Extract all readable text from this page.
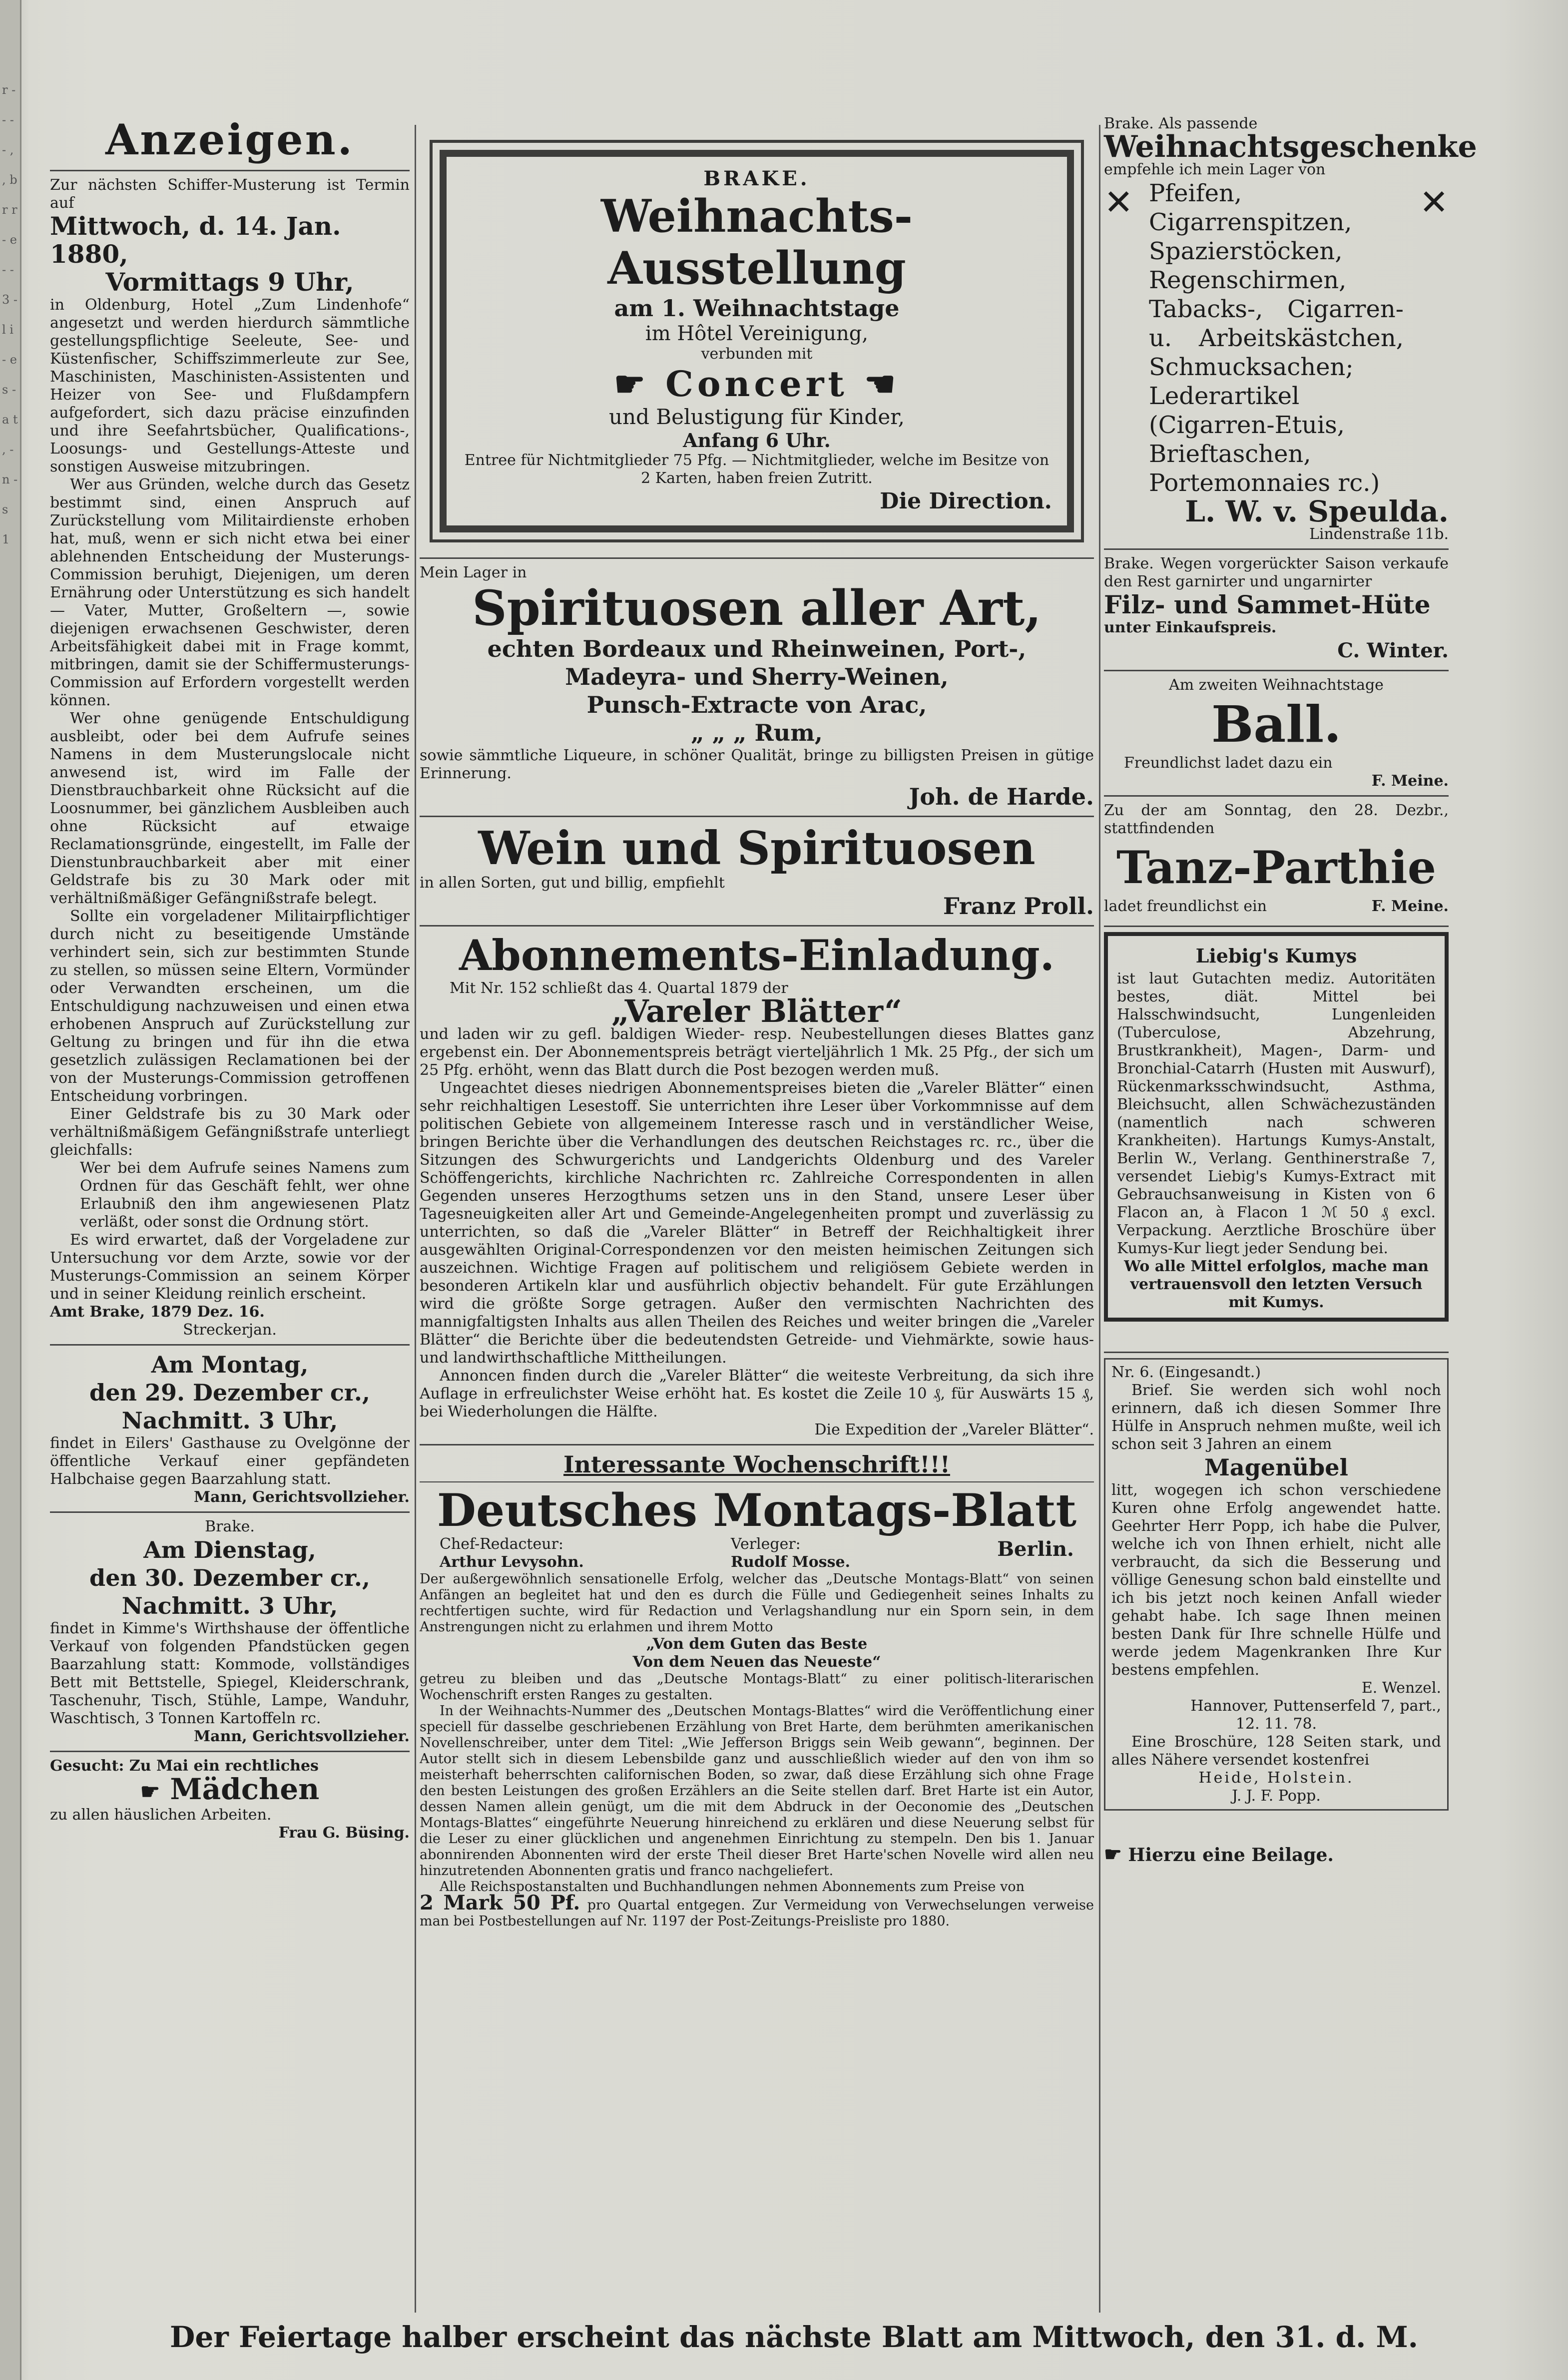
r - - - - , , b r r - e - - 3 - l i - e s - a t , - n - s 1
Anzeigen.

Zur nächsten Schiffer-Musterung ist Termin auf

Mittwoch, d. 14. Jan. 1880,
Vormittags 9 Uhr,

in Oldenburg, Hotel „Zum Lindenhofe“ angesetzt und werden hierdurch sämmtliche gestellungspflichtige Seeleute, See- und Küstenfischer, Schiffszimmerleute zur See, Maschinisten, Maschinisten-Assistenten und Heizer von See- und Flußdampfern aufgefordert, sich dazu präcise einzufinden und ihre Seefahrtsbücher, Qualifications-, Loosungs- und Gestellungs-Atteste und sonstigen Ausweise mitzubringen.

Wer aus Gründen, welche durch das Gesetz bestimmt sind, einen Anspruch auf Zurückstellung vom Militairdienste erhoben hat, muß, wenn er sich nicht etwa bei einer ablehnenden Entscheidung der Musterungs-Commission beruhigt, Diejenigen, um deren Ernährung oder Unterstützung es sich handelt — Vater, Mutter, Großeltern —, sowie diejenigen erwachsenen Geschwister, deren Arbeitsfähigkeit dabei mit in Frage kommt, mitbringen, damit sie der Schiffermusterungs-Commission auf Erfordern vorgestellt werden können.

Wer ohne genügende Entschuldigung ausbleibt, oder bei dem Aufrufe seines Namens in dem Musterungslocale nicht anwesend ist, wird im Falle der Dienstbrauchbarkeit ohne Rücksicht auf die Loosnummer, bei gänzlichem Ausbleiben auch ohne Rücksicht auf etwaige Reclamationsgründe, eingestellt, im Falle der Dienstunbrauchbarkeit aber mit einer Geldstrafe bis zu 30 Mark oder mit verhältnißmäßiger Gefängnißstrafe belegt.

Sollte ein vorgeladener Militairpflichtiger durch nicht zu beseitigende Umstände verhindert sein, sich zur bestimmten Stunde zu stellen, so müssen seine Eltern, Vormünder oder Verwandten erscheinen, um die Entschuldigung nachzuweisen und einen etwa erhobenen Anspruch auf Zurückstellung zur Geltung zu bringen und für ihn die etwa gesetzlich zulässigen Reclamationen bei der von der Musterungs-Commission getroffenen Entscheidung vorbringen.

Einer Geldstrafe bis zu 30 Mark oder verhältnißmäßigem Gefängnißstrafe unterliegt gleichfalls:

Wer bei dem Aufrufe seines Namens zum Ordnen für das Geschäft fehlt, wer ohne Erlaubniß den ihm angewiesenen Platz verläßt, oder sonst die Ordnung stört.

Es wird erwartet, daß der Vorgeladene zur Untersuchung vor dem Arzte, sowie vor der Musterungs-Commission an seinem Körper und in seiner Kleidung reinlich erscheint.

Amt Brake, 1879 Dez. 16.
Streckerjan.
Am Montag,
den 29. Dezember cr.,
Nachmitt. 3 Uhr,

findet in Eilers' Gasthause zu Ovelgönne der öffentliche Verkauf einer gepfändeten Halbchaise gegen Baarzahlung statt.

Mann, Gerichtsvollzieher.
Brake.
Am Dienstag,
den 30. Dezember cr.,
Nachmitt. 3 Uhr,

findet in Kimme's Wirthshause der öffentliche Verkauf von folgenden Pfandstücken gegen Baarzahlung statt: Kommode, vollständiges Bett mit Bettstelle, Spiegel, Kleiderschrank, Taschenuhr, Tisch, Stühle, Lampe, Wanduhr, Waschtisch, 3 Tonnen Kartoffeln rc.

Mann, Gerichtsvollzieher.

Gesucht: Zu Mai ein rechtliches

☛ Mädchen

zu allen häuslichen Arbeiten.

Frau G. Büsing.
BRAKE.
Weihnachts-Ausstellung
am 1. Weihnachtstage
im Hôtel Vereinigung,
verbunden mit
☛ Concert ☚
und Belustigung für Kinder,
Anfang 6 Uhr.

Entree für Nichtmitglieder 75 Pfg. — Nichtmitglieder, welche im Besitze von 2 Karten, haben freien Zutritt.

Die Direction.
Mein Lager in
Spirituosen aller Art,
echten Bordeaux und Rheinweinen, Port-,
Madeyra- und Sherry-Weinen,
Punsch-Extracte von Arac,
„ „ „ Rum,

sowie sämmtliche Liqueure, in schöner Qualität, bringe zu billigsten Preisen in gütige Erinnerung.

Joh. de Harde.
Wein und Spirituosen
in allen Sorten, gut und billig, empfiehlt
Franz Proll.
Abonnements-Einladung.
Mit Nr. 152 schließt das 4. Quartal 1879 der
„Vareler Blätter“

und laden wir zu gefl. baldigen Wieder- resp. Neubestellungen dieses Blattes ganz ergebenst ein. Der Abonnementspreis beträgt vierteljährlich 1 Mk. 25 Pfg., der sich um 25 Pfg. erhöht, wenn das Blatt durch die Post bezogen werden muß.

Ungeachtet dieses niedrigen Abonnementspreises bieten die „Vareler Blätter“ einen sehr reichhaltigen Lesestoff. Sie unterrichten ihre Leser über Vorkommnisse auf dem politischen Gebiete von allgemeinem Interesse rasch und in verständlicher Weise, bringen Berichte über die Verhandlungen des deutschen Reichstages rc. rc., über die Sitzungen des Schwurgerichts und Landgerichts Oldenburg und des Vareler Schöffengerichts, kirchliche Nachrichten rc. Zahlreiche Correspondenten in allen Gegenden unseres Herzogthums setzen uns in den Stand, unsere Leser über Tagesneuigkeiten aller Art und Gemeinde-Angelegenheiten prompt und zuverlässig zu unterrichten, so daß die „Vareler Blätter“ in Betreff der Reichhaltigkeit ihrer ausgewählten Original-Correspondenzen vor den meisten heimischen Zeitungen sich auszeichnen. Wichtige Fragen auf politischem und religiösem Gebiete werden in besonderen Artikeln klar und ausführlich objectiv behandelt. Für gute Erzählungen wird die größte Sorge getragen. Außer den vermischten Nachrichten des mannigfaltigsten Inhalts aus allen Theilen des Reiches und weiter bringen die „Vareler Blätter“ die Berichte über die bedeutendsten Getreide- und Viehmärkte, sowie haus- und landwirthschaftliche Mittheilungen.

Annoncen finden durch die „Vareler Blätter“ die weiteste Verbreitung, da sich ihre Auflage in erfreulichster Weise erhöht hat. Es kostet die Zeile 10 ₰, für Auswärts 15 ₰, bei Wiederholungen die Hälfte.

Die Expedition der „Vareler Blätter“.
Interessante Wochenschrift!!!
Deutsches Montags-Blatt
Chef-Redacteur:
Arthur Levysohn.
Verleger:
Rudolf Mosse.
Berlin.

Der außergewöhnlich sensationelle Erfolg, welcher das „Deutsche Montags-Blatt“ von seinen Anfängen an begleitet hat und den es durch die Fülle und Gediegenheit seines Inhalts zu rechtfertigen suchte, wird für Redaction und Verlagshandlung nur ein Sporn sein, in dem Anstrengungen nicht zu erlahmen und ihrem Motto

„Von dem Guten das Beste
Von dem Neuen das Neueste“

getreu zu bleiben und das „Deutsche Montags-Blatt“ zu einer politisch-literarischen Wochenschrift ersten Ranges zu gestalten.

In der Weihnachts-Nummer des „Deutschen Montags-Blattes“ wird die Veröffentlichung einer speciell für dasselbe geschriebenen Erzählung von Bret Harte, dem berühmten amerikanischen Novellenschreiber, unter dem Titel: „Wie Jefferson Briggs sein Weib gewann“, beginnen. Der Autor stellt sich in diesem Lebensbilde ganz und ausschließlich wieder auf den von ihm so meisterhaft beherrschten californischen Boden, so zwar, daß diese Erzählung sich ohne Frage den besten Leistungen des großen Erzählers an die Seite stellen darf. Bret Harte ist ein Autor, dessen Namen allein genügt, um die mit dem Abdruck in der Oeconomie des „Deutschen Montags-Blattes“ eingeführte Neuerung hinreichend zu erklären und diese Neuerung selbst für die Leser zu einer glücklichen und angenehmen Einrichtung zu stempeln. Den bis 1. Januar abonnirenden Abonnenten wird der erste Theil dieser Bret Harte'schen Novelle wird allen neu hinzutretenden Abonnenten gratis und franco nachgeliefert.

Alle Reichspostanstalten und Buchhandlungen nehmen Abonnements zum Preise von

2 Mark 50 Pf. pro Quartal entgegen. Zur Vermeidung von Verwechselungen verweise man bei Postbestellungen auf Nr. 1197 der Post-Zeitungs-Preisliste pro 1880.

Brake. Als passende
Weihnachtsgeschenke
empfehle ich mein Lager von
✕	✕

Pfeifen, Cigarrenspitzen, Spazierstöcken, Regenschirmen, Tabacks-, Cigarren- u. Arbeitskästchen, Schmucksachen; Lederartikel (Cigarren-Etuis, Brieftaschen, Portemonnaies rc.)

L. W. v. Speulda.
Lindenstraße 11b.

Brake. Wegen vorgerückter Saison verkaufe den Rest garnirter und ungarnirter

Filz- und Sammet-Hüte
unter Einkaufspreis.
C. Winter.
Am zweiten Weihnachtstage
Ball.
Freundlichst ladet dazu ein
F. Meine.

Zu der am Sonntag, den 28. Dezbr., stattfindenden

Tanz-Parthie
ladet freundlichst ein	F. Meine.
Liebig's Kumys

ist laut Gutachten mediz. Autoritäten bestes, diät. Mittel bei Halsschwindsucht, Lungenleiden (Tuberculose, Abzehrung, Brustkrankheit), Magen-, Darm- und Bronchial-Catarrh (Husten mit Auswurf), Rückenmarksschwindsucht, Asthma, Bleichsucht, allen Schwächezuständen (namentlich nach schweren Krankheiten). Hartungs Kumys-Anstalt, Berlin W., Verlang. Genthinerstraße 7, versendet Liebig's Kumys-Extract mit Gebrauchsanweisung in Kisten von 6 Flacon an, à Flacon 1 ℳ 50 ₰ excl. Verpackung. Aerztliche Broschüre über Kumys-Kur liegt jeder Sendung bei.

Wo alle Mittel erfolglos, mache man vertrauensvoll den letzten Versuch mit Kumys.

Nr. 6. (Eingesandt.)

Brief. Sie werden sich wohl noch erinnern, daß ich diesen Sommer Ihre Hülfe in Anspruch nehmen mußte, weil ich schon seit 3 Jahren an einem

Magenübel

litt, wogegen ich schon verschiedene Kuren ohne Erfolg angewendet hatte. Geehrter Herr Popp, ich habe die Pulver, welche ich von Ihnen erhielt, nicht alle verbraucht, da sich die Besserung und völlige Genesung schon bald einstellte und ich bis jetzt noch keinen Anfall wieder gehabt habe. Ich sage Ihnen meinen besten Dank für Ihre schnelle Hülfe und werde jedem Magenkranken Ihre Kur bestens empfehlen.

E. Wenzel.
Hannover, Puttenserfeld 7, part.,
12. 11. 78.

Eine Broschüre, 128 Seiten stark, und alles Nähere versendet kostenfrei

Heide, Holstein.
J. J. F. Popp.
☛ Hierzu eine Beilage.
Der Feiertage halber erscheint das nächste Blatt am Mittwoch, den 31. d. M.
